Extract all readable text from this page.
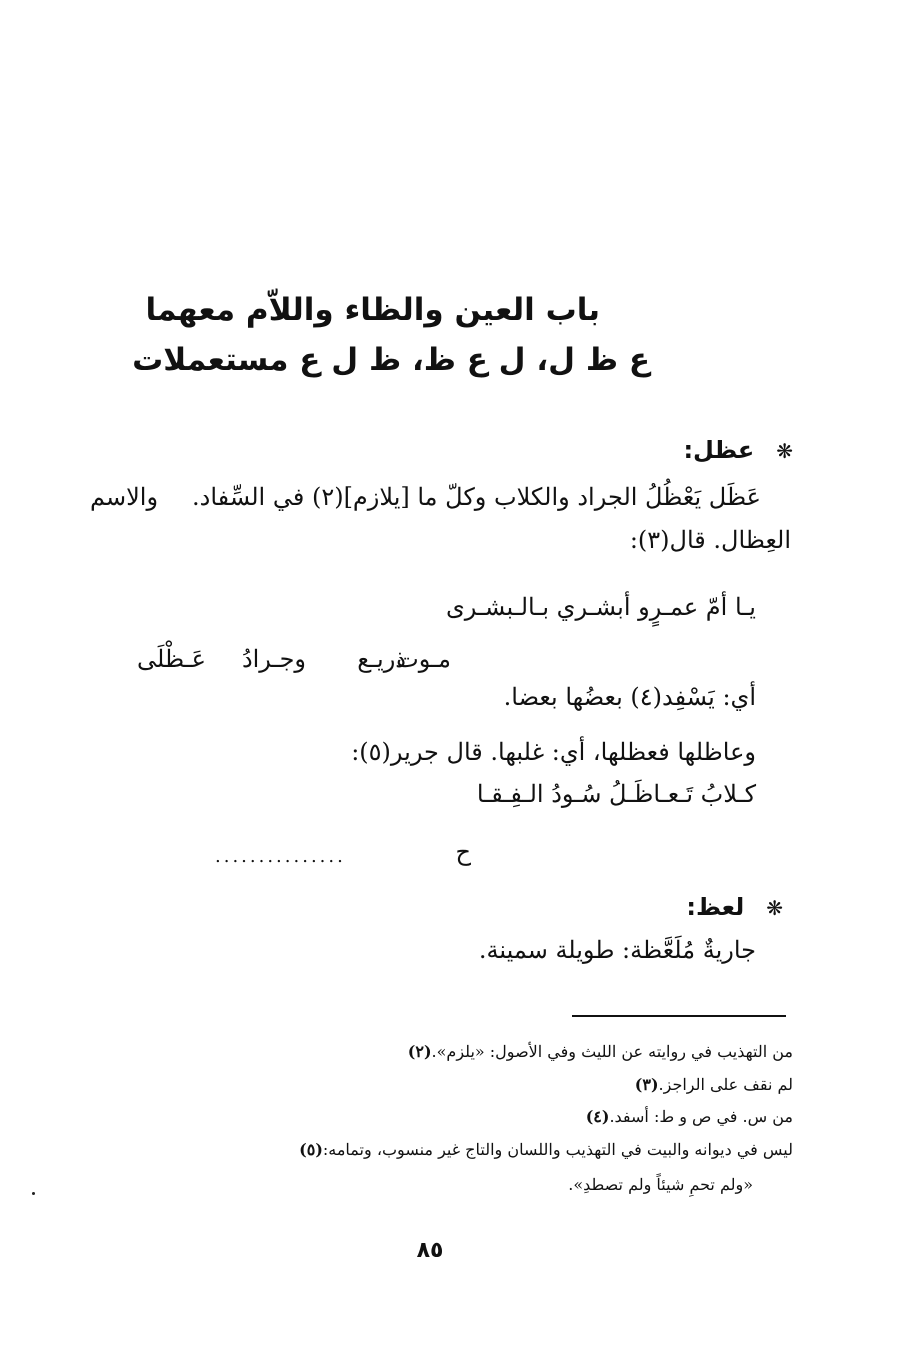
باب العين والظاء واللاّم معهما
ع ظ ل، ل ع ظ، ظ ل ع مستعملات
❋عظل:
عَظَل يَعْظُلُ الجراد والكلاب وكلّ ما [يلازم](٢) في السِّفاد.
والاسم
العِظال. قال(٣):
يـا أمّ عمـرٍو أبشـري بـالـبشـرى
مـوت
ذريـع
وجـرادُ
عَـظْلَى
أي: يَسْفِد(٤) بعضُها بعضا.
وعاظلها فعظلها، أي: غلبها. قال جرير(٥):
كـلابُ تَـعـاظَـلُ سُـودُ الـفِـقـا
ح
...............
❋لعظ:
جاريةٌ مُلَعَّظة: طويلة سمينة.
(٢) من التهذيب في روايته عن الليث وفي الأصول: «يلزم».
(٣) لم نقف على الراجز.
(٤) من س. في ص و ط: أسفد.
(٥) ليس في ديوانه والبيت في التهذيب واللسان والتاج غير منسوب، وتمامه:
«ولم تحمِ شيئاً ولم تصطدِ».
٨٥
